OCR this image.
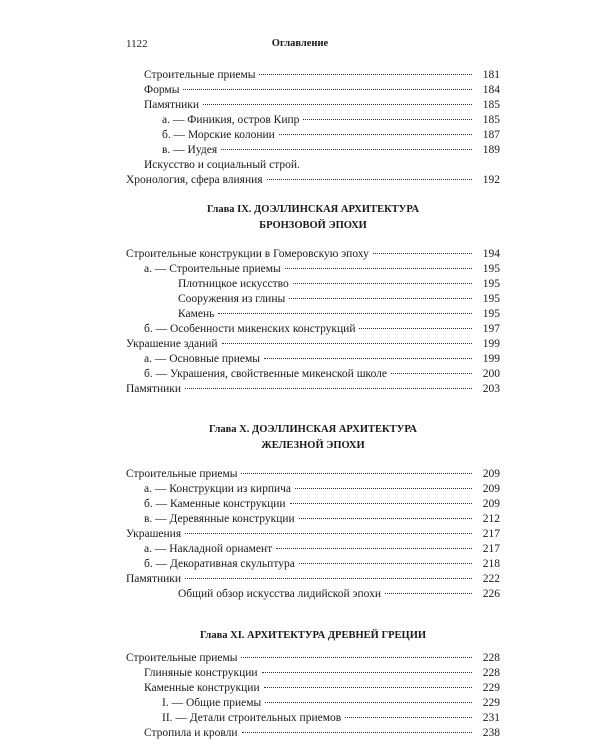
1122	Оглавление
Строительные приемы	181
Формы	184
Памятники	185
а. — Финикия, остров Кипр	185
б. — Морские колонии	187
в. — Иудея	189
Искусство и социальный строй.
Хронология, сфера влияния	192
Глава IX. ДОЭЛЛИНСКАЯ АРХИТЕКТУРА
БРОНЗОВОЙ ЭПОХИ
Строительные конструкции в Гомеровскую эпоху	194
а. — Строительные приемы	195
Плотницкое искусство	195
Сооружения из глины	195
Камень	195
б. — Особенности микенских конструкций	197
Украшение зданий	199
а. — Основные приемы	199
б. — Украшения, свойственные микенской школе	200
Памятники	203
Глава X. ДОЭЛЛИНСКАЯ АРХИТЕКТУРА
ЖЕЛЕЗНОЙ ЭПОХИ
Строительные приемы	209
а. — Конструкции из кирпича	209
б. — Каменные конструкции	209
в. — Деревянные конструкции	212
Украшения	217
а. — Накладной орнамент	217
б. — Декоративная скульптура	218
Памятники	222
Общий обзор искусства лидийской эпохи	226
Глава XI. АРХИТЕКТУРА ДРЕВНЕЙ ГРЕЦИИ
Строительные приемы	228
Глиняные конструкции	228
Каменные конструкции	229
I. — Общие приемы	229
II. — Детали строительных приемов	231
Стропила и кровли	238
